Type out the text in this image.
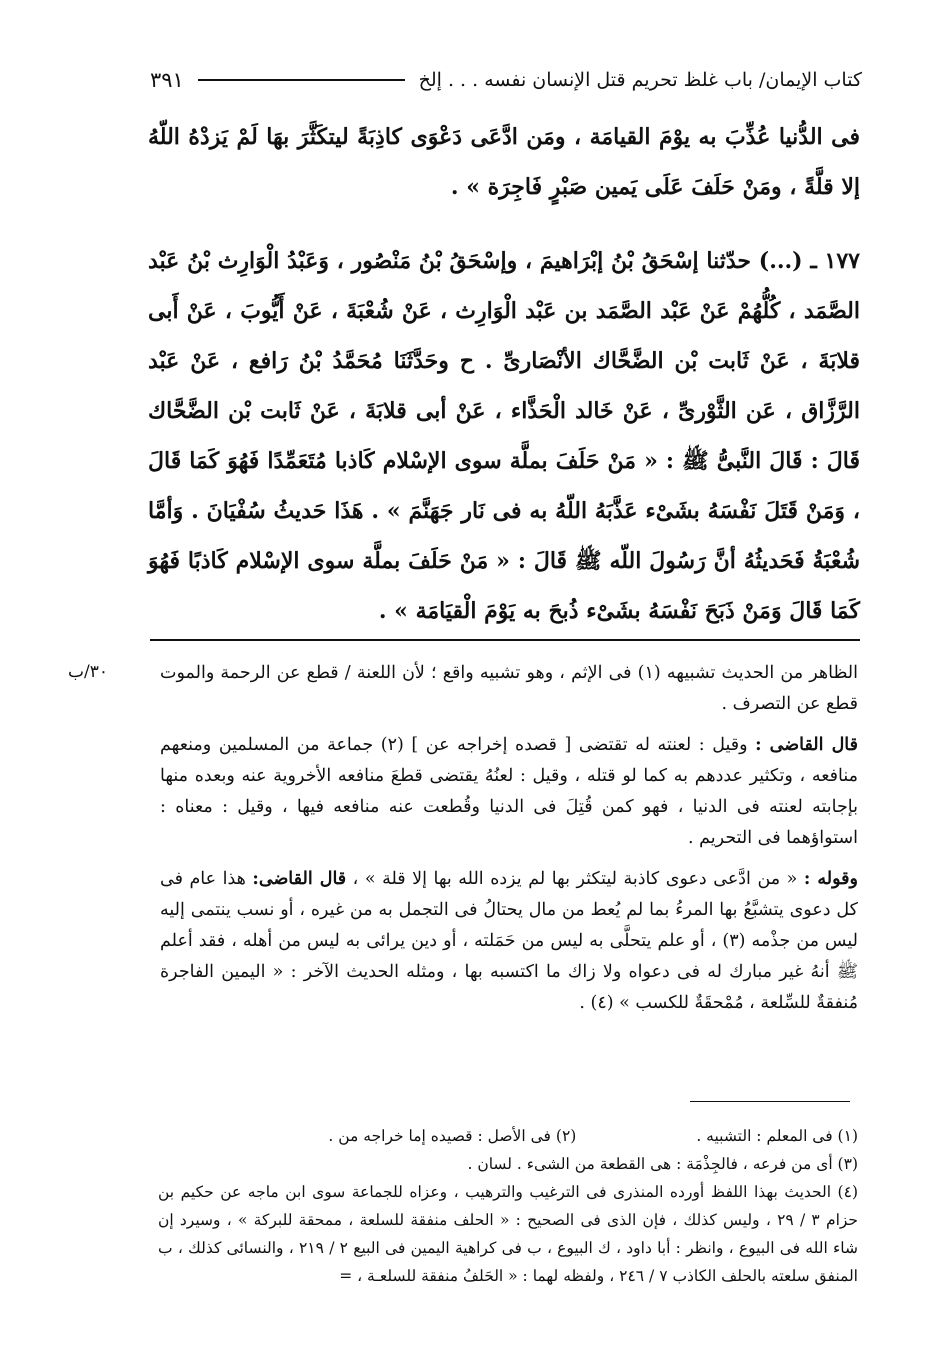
كتاب الإيمان/ باب غلظ تحريم قتل الإنسان نفسه . . . إلخ
٣٩١

فى الدُّنيا عُذِّبَ به يوْمَ القيامَة ، ومَن ادَّعَى دَعْوَى كاذِبَةً ليتكَثَّرَ بهَا لَمْ يَزدْهُ اللّهُ إلا قلَّةً ، ومَنْ حَلَفَ عَلَى يَمين صَبْرٍ فَاجِرَة » .

١٧٧ ـ (...) حدّثنا إسْحَقُ بْنُ إبْرَاهيمَ ، وإسْحَقُ بْنُ مَنْصُور ، وَعَبْدُ الْوَارِث بْنُ عَبْد الصَّمَد ، كُلُّهُمْ عَنْ عَبْد الصَّمَد بن عَبْد الْوَارِث ، عَنْ شُعْبَةَ ، عَنْ أَيُّوبَ ، عَنْ أَبى قلابَةَ ، عَنْ ثَابت بْن الضَّحَّاك الأنْصَارىِّ . ح وحَدَّثَنَا مُحَمَّدُ بْنُ رَافع ، عَنْ عَبْد الرَّزَّاق ، عَن الثَّوْرىِّ ، عَنْ خَالد الْحَذَّاء ، عَنْ أبى قلابَةَ ، عَنْ ثَابت بْن الضَّحَّاك قَالَ : قَالَ النَّبىُّ ﷺ : « مَنْ حَلَفَ بملَّة سوى الإسْلام كَاذبا مُتَعَمِّدًا فَهُوَ كَمَا قَالَ ، وَمَنْ قَتَلَ نَفْسَهُ بشَىْء عَذَّبَهُ اللّهُ به فى نَار جَهَنَّمَ » . هَذَا حَديثُ سُفْيَانَ . وَأمَّا شُعْبَةُ فَحَديثُهُ أنَّ رَسُولَ اللّه ﷺ قَالَ : « مَنْ حَلَفَ بملَّة سوى الإسْلام كَاذبًا فَهُوَ كَمَا قَالَ وَمَنْ ذَبَحَ نَفْسَهُ بشَىْء ذُبحَ به يَوْمَ الْقيَامَة » .

٣٠/ب	الظاهر من الحديث تشبيهه (١) فى الإثم ، وهو تشبيه واقع ؛ لأن اللعنة / قطع عن الرحمة والموت قطع عن التصرف .

قال القاضى : وقيل : لعنته له تقتضى [ قصده إخراجه عن ] (٢) جماعة من المسلمين ومنعهم منافعه ، وتكثير عددهم به كما لو قتله ، وقيل : لعنُهُ يقتضى قطعَ منافعه الأخروية عنه وبعده منها بإجابته لعنته فى الدنيا ، فهو كمن قُتِلَ فى الدنيا وقُطعت عنه منافعه فيها ، وقيل : معناه : استواؤهما فى التحريم .

وقوله : « من ادَّعى دعوى كاذبة ليتكثر بها لم يزده الله بها إلا قلة » ، قال القاضى: هذا عام فى كل دعوى يتشبَّعُ بها المرءُ بما لم يُعط من مال يحتالُ فى التجمل به من غيره ، أو نسب ينتمى إليه ليس من جذْمه (٣) ، أو علم يتحلَّى به ليس من حَمَلته ، أو دين يرائى به ليس من أهله ، فقد أعلم ﷺ أنهُ غير مبارك له فى دعواه ولا زاك ما اكتسبه بها ، ومثله الحديث الآخر : « اليمين الفاجرة مُنفقةٌ للسِّلعة ، مُمْحقَةٌ للكسب » (٤) .

(١) فى المعلم : التشبيه .
(٢) فى الأصل : قصيده إما خراجه من .

(٣) أى من فرعه ، فالجِذْمَة : هى القطعة من الشىء . لسان .

(٤) الحديث بهذا اللفظ أورده المنذرى فى الترغيب والترهيب ، وعزاه للجماعة سوى ابن ماجه عن حكيم بن حزام ٣ / ٢٩ ، وليس كذلك ، فإن الذى فى الصحيح : « الحلف منفقة للسلعة ، ممحقة للبركة » ، وسيرد إن شاء الله فى البيوع ، وانظر : أبا داود ، ك البيوع ، ب فى كراهية اليمين فى البيع ٢ / ٢١٩ ، والنسائى كذلك ، ب المنفق سلعته بالحلف الكاذب ٧ / ٢٤٦ ، ولفظه لهما : « الحَلفُ منفقة للسلعـة ، =
